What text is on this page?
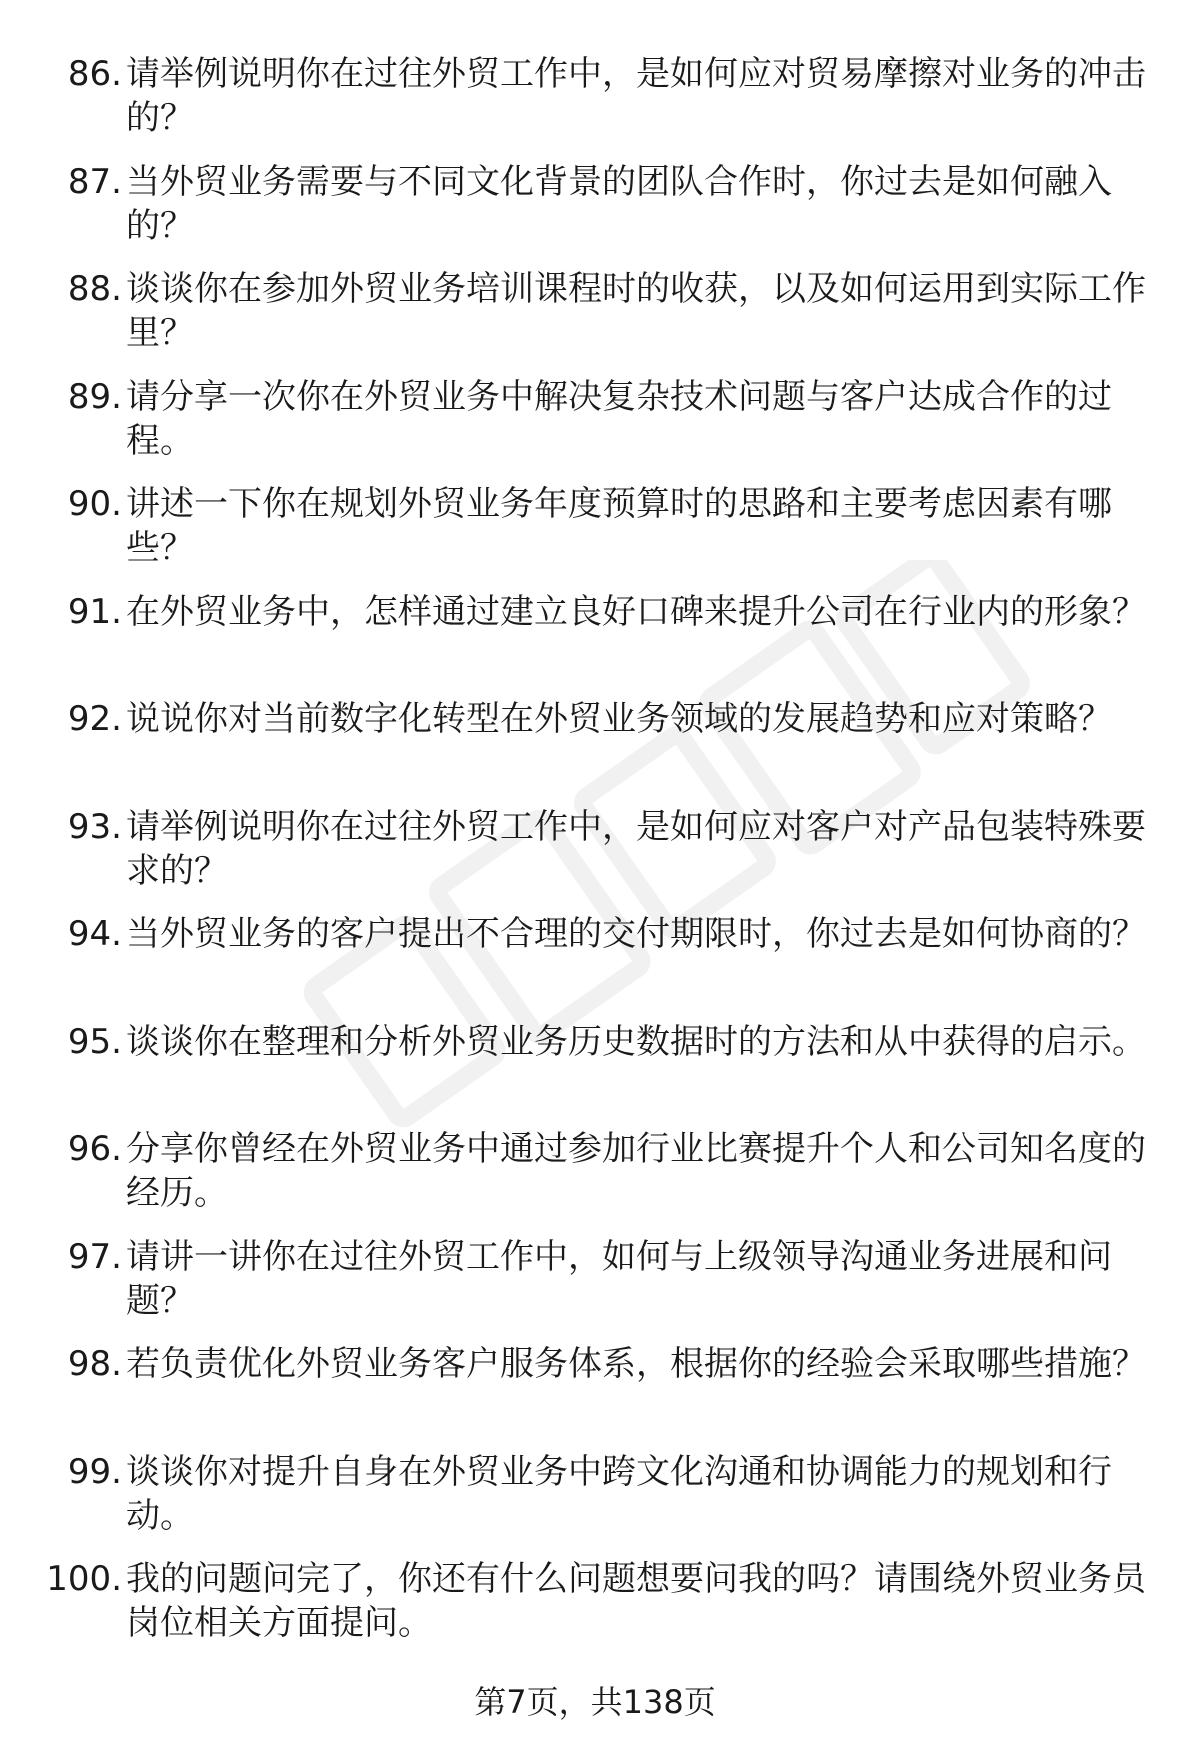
86. 请举例说明你在过往外贸工作中，是如何应对贸易摩擦对业务的冲击的？
87. 当外贸业务需要与不同文化背景的团队合作时，你过去是如何融入的？
88. 谈谈你在参加外贸业务培训课程时的收获，以及如何运用到实际工作里？
89. 请分享一次你在外贸业务中解决复杂技术问题与客户达成合作的过程。
90. 讲述一下你在规划外贸业务年度预算时的思路和主要考虑因素有哪些？
91. 在外贸业务中，怎样通过建立良好口碑来提升公司在行业内的形象？
92. 说说你对当前数字化转型在外贸业务领域的发展趋势和应对策略？
93. 请举例说明你在过往外贸工作中，是如何应对客户对产品包装特殊要求的？
94. 当外贸业务的客户提出不合理的交付期限时，你过去是如何协商的？
95. 谈谈你在整理和分析外贸业务历史数据时的方法和从中获得的启示。
96. 分享你曾经在外贸业务中通过参加行业比赛提升个人和公司知名度的经历。
97. 请讲一讲你在过往外贸工作中，如何与上级领导沟通业务进展和问题？
98. 若负责优化外贸业务客户服务体系，根据你的经验会采取哪些措施？
99. 谈谈你对提升自身在外贸业务中跨文化沟通和协调能力的规划和行动。
100. 我的问题问完了，你还有什么问题想要问我的吗？请围绕外贸业务员岗位相关方面提问。
第7页，共138页
